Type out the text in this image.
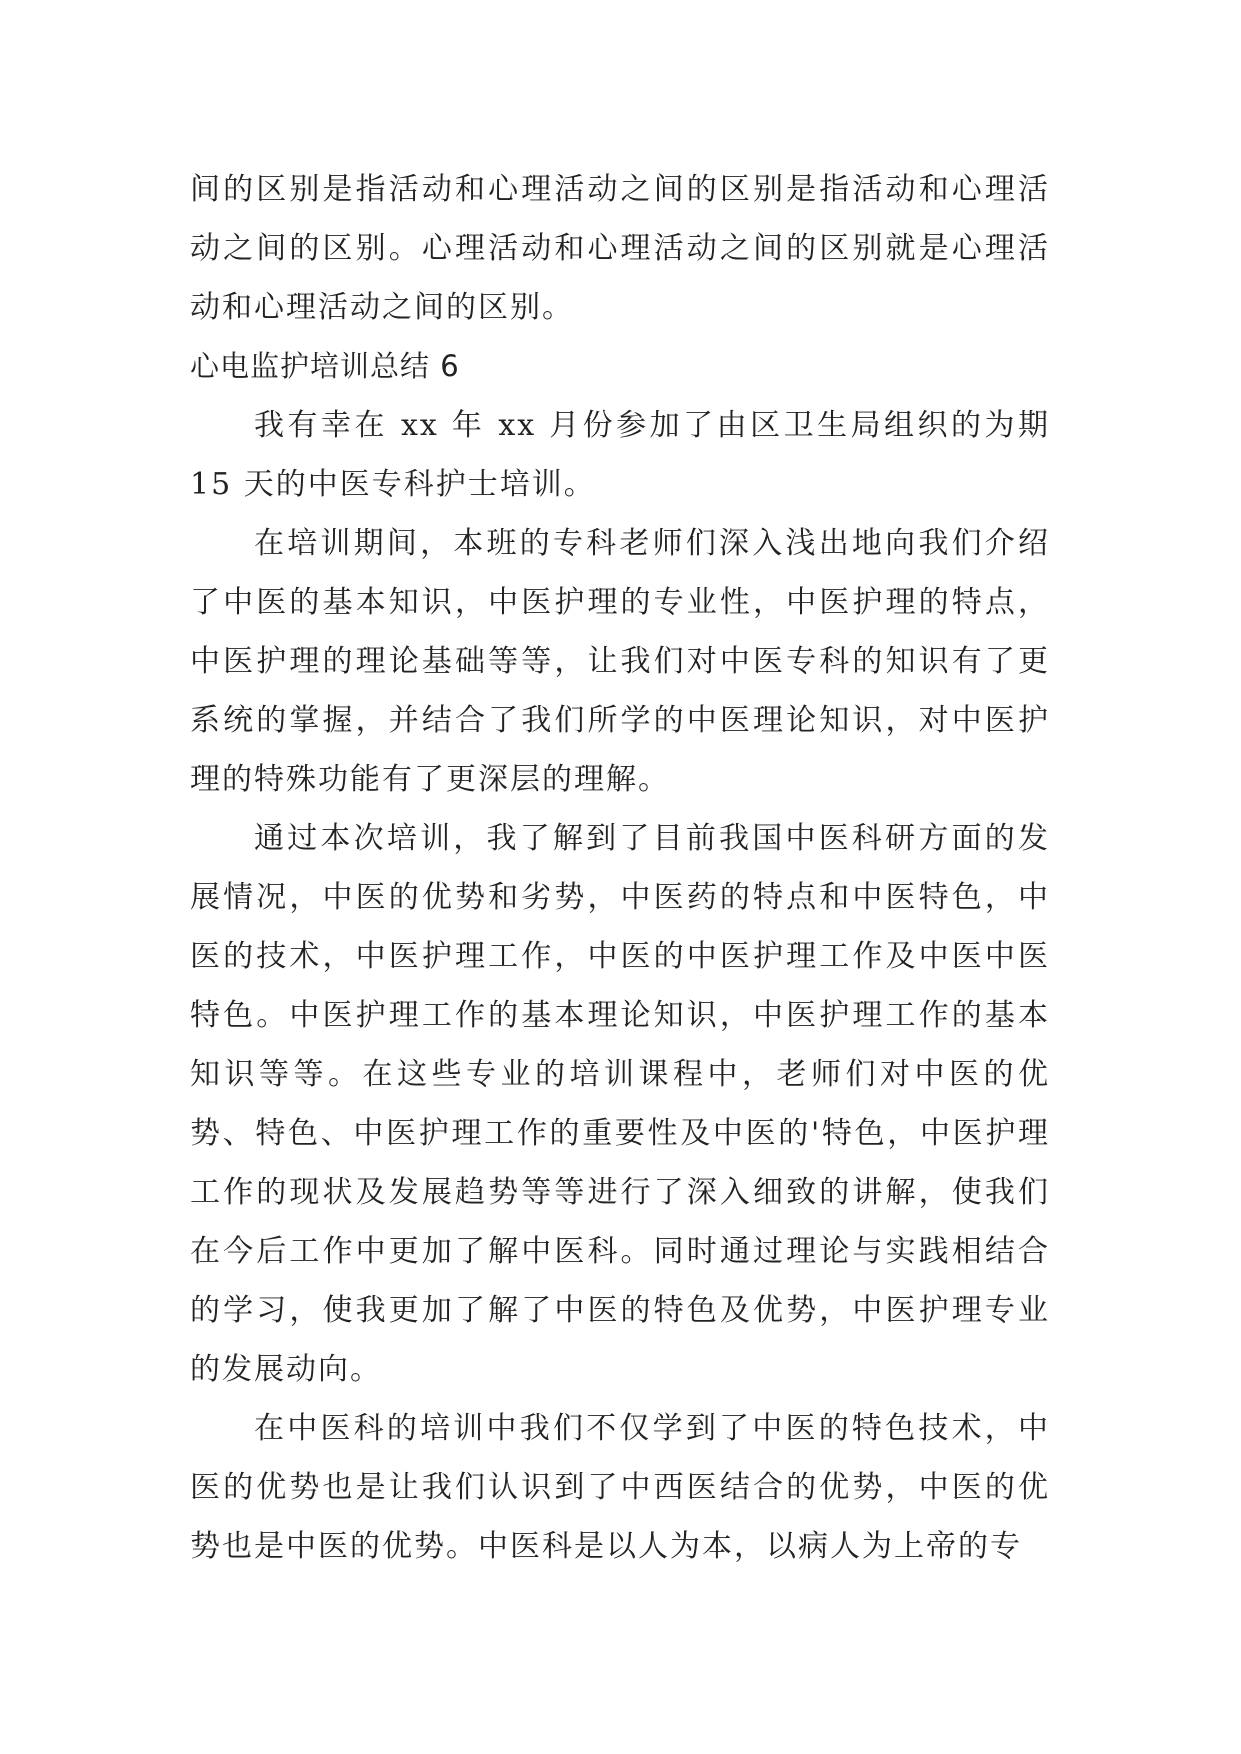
间的区别是指活动和心理活动之间的区别是指活动和心理活动之间的区别。心理活动和心理活动之间的区别就是心理活动和心理活动之间的区别。

心电监护培训总结 6

我有幸在 xx 年 xx 月份参加了由区卫生局组织的为期 15 天的中医专科护士培训。

在培训期间，本班的专科老师们深入浅出地向我们介绍了中医的基本知识，中医护理的专业性，中医护理的特点，中医护理的理论基础等等，让我们对中医专科的知识有了更系统的掌握，并结合了我们所学的中医理论知识，对中医护理的特殊功能有了更深层的理解。

通过本次培训，我了解到了目前我国中医科研方面的发展情况，中医的优势和劣势，中医药的特点和中医特色，中医的技术，中医护理工作，中医的中医护理工作及中医中医特色。中医护理工作的基本理论知识，中医护理工作的基本知识等等。在这些专业的培训课程中，老师们对中医的优势、特色、中医护理工作的重要性及中医的'特色，中医护理工作的现状及发展趋势等等进行了深入细致的讲解，使我们在今后工作中更加了解中医科。同时通过理论与实践相结合的学习，使我更加了解了中医的特色及优势，中医护理专业的发展动向。

在中医科的培训中我们不仅学到了中医的特色技术，中医的优势也是让我们认识到了中西医结合的优势，中医的优势也是中医的优势。中医科是以人为本，以病人为上帝的专
